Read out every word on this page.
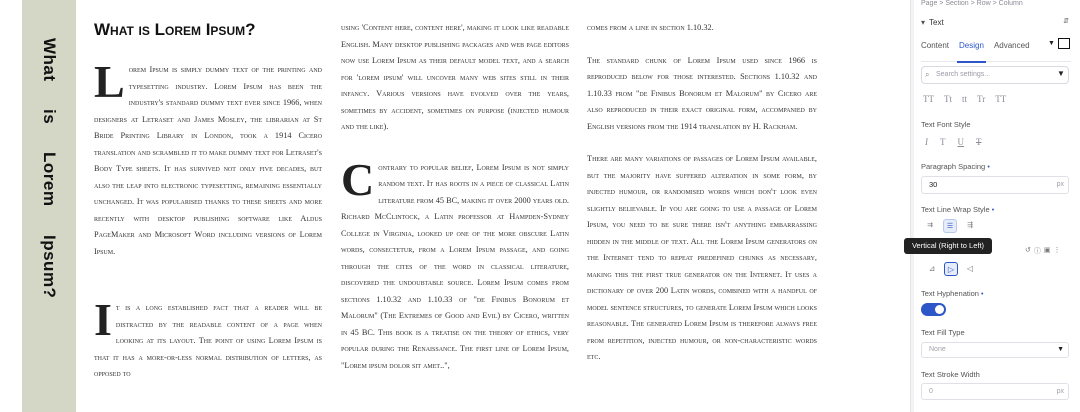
What
is
Lorem
Ipsum?
What is Lorem Ipsum?

Lorem Ipsum is simply dummy text of the printing and typesetting industry. Lorem Ipsum has been the industry's standard dummy text ever since 1966, when designers at Letraset and James Mosley, the librarian at St Bride Printing Library in London, took a 1914 Cicero translation and scrambled it to make dummy text for Letraset's Body Type sheets. It has survived not only five decades, but also the leap into electronic typesetting, remaining essentially unchanged. It was popularised thanks to these sheets and more recently with desktop publishing software like Aldus PageMaker and Microsoft Word including versions of Lorem Ipsum.

It is a long established fact that a reader will be distracted by the readable content of a page when looking at its layout. The point of using Lorem Ipsum is that it has a more-or-less normal distribution of letters, as opposed to

using 'Content here, content here', making it look like readable English. Many desktop publishing packages and web page editors now use Lorem Ipsum as their default model text, and a search for 'lorem ipsum' will uncover many web sites still in their infancy. Various versions have evolved over the years, sometimes by accident, sometimes on purpose (injected humour and the like).

Contrary to popular belief, Lorem Ipsum is not simply random text. It has roots in a piece of classical Latin literature from 45 BC, making it over 2000 years old. Richard McClintock, a Latin professor at Hampden-Sydney College in Virginia, looked up one of the more obscure Latin words, consectetur, from a Lorem Ipsum passage, and going through the cites of the word in classical literature, discovered the undoubtable source. Lorem Ipsum comes from sections 1.10.32 and 1.10.33 of "de Finibus Bonorum et Malorum" (The Extremes of Good and Evil) by Cicero, written in 45 BC. This book is a treatise on the theory of ethics, very popular during the Renaissance. The first line of Lorem Ipsum, "Lorem ipsum dolor sit amet..",

comes from a line in section 1.10.32.

The standard chunk of Lorem Ipsum used since 1966 is reproduced below for those interested. Sections 1.10.32 and 1.10.33 from "de Finibus Bonorum et Malorum" by Cicero are also reproduced in their exact original form, accompanied by English versions from the 1914 translation by H. Rackham.

There are many variations of passages of Lorem Ipsum available, but the majority have suffered alteration in some form, by injected humour, or randomised words which don't look even slightly believable. If you are going to use a passage of Lorem Ipsum, you need to be sure there isn't anything embarrassing hidden in the middle of text. All the Lorem Ipsum generators on the Internet tend to repeat predefined chunks as necessary, making this the first true generator on the Internet. It uses a dictionary of over 200 Latin words, combined with a handful of model sentence structures, to generate Lorem Ipsum which looks reasonable. The generated Lorem Ipsum is therefore always free from repetition, injected humour, or non-characteristic words etc.

Page > Section > Row > Column
▾ Text	⇵
Content	Design	Advanced	▼
⌕ Search settings...	▼
TT Tt tt Tr TT
Text Font Style
I T U T
Paragraph Spacing •
30	px
Text Line Wrap Style •
⇉	☰	⇶
⊿	▷	◁
Text Hyphenation •
Text Fill Type
None	▼
Text Stroke Width
0	px
Vertical (Right to Left)
↺ ⓘ ▣ ⋮
